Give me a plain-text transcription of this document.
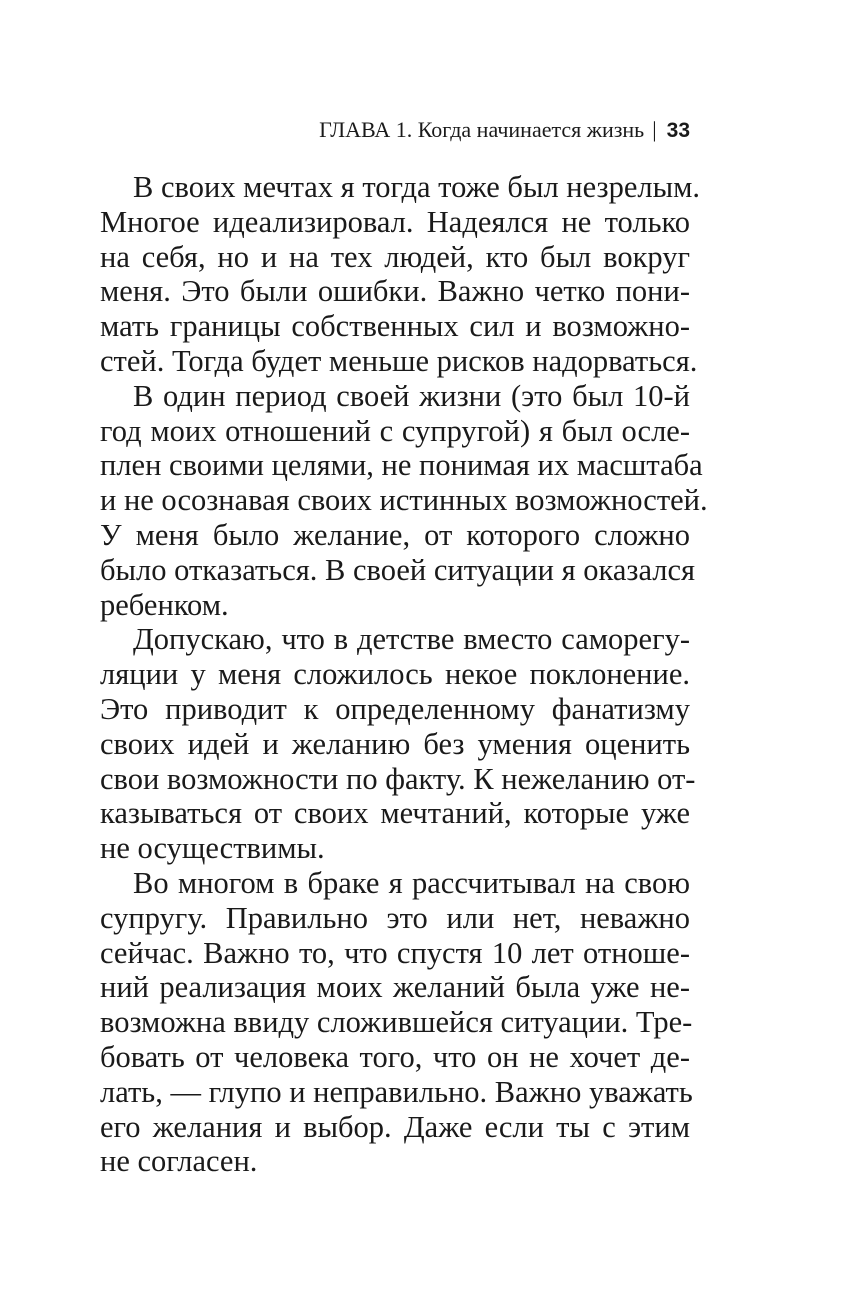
ГЛАВА 1. Когда начинается жизнь | 33
В своих мечтах я тогда тоже был незрелым.
Многое идеализировал. Надеялся не только
на себя, но и на тех людей, кто был вокруг
меня. Это были ошибки. Важно четко пони-
мать границы собственных сил и возможно-
стей. Тогда будет меньше рисков надорваться.
В один период своей жизни (это был 10-й
год моих отношений с супругой) я был осле-
плен своими целями, не понимая их масштаба
и не осознавая своих истинных возможностей.
У меня было желание, от которого сложно
было отказаться. В своей ситуации я оказался
ребенком.
Допускаю, что в детстве вместо саморегу-
ляции у меня сложилось некое поклонение.
Это приводит к определенному фанатизму
своих идей и желанию без умения оценить
свои возможности по факту. К нежеланию от-
казываться от своих мечтаний, которые уже
не осуществимы.
Во многом в браке я рассчитывал на свою
супругу. Правильно это или нет, неважно
сейчас. Важно то, что спустя 10 лет отноше-
ний реализация моих желаний была уже не-
возможна ввиду сложившейся ситуации. Тре-
бовать от человека того, что он не хочет де-
лать, — глупо и неправильно. Важно уважать
его желания и выбор. Даже если ты с этим
не согласен.
